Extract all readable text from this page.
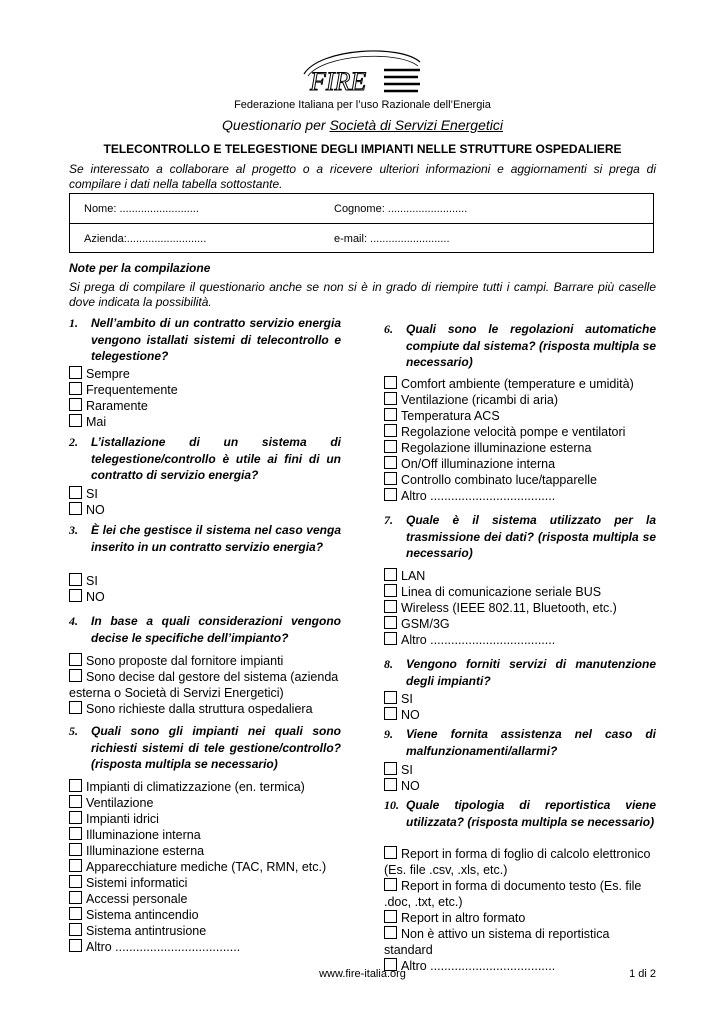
FIRE
Federazione Italiana per l’uso Razionale dell’Energia
Questionario per Società di Servizi Energetici
TELECONTROLLO E TELEGESTIONE DEGLI IMPIANTI NELLE STRUTTURE OSPEDALIERE
Se interessato a collaborare al progetto o a ricevere ulteriori informazioni e aggiornamenti si prega di compilare i dati nella tabella sottostante.
Nome: ..........................	Cognome: ..........................
Azienda:..........................	e-mail: ..........................
Note per la compilazione
Si prega di compilare il questionario anche se non si è in grado di riempire tutti i campi. Barrare più caselle dove indicata la possibilità.
1. Nell’ambito di un contratto servizio energia vengono istallati sistemi di telecontrollo e telegestione?
Sempre
Frequentemente
Raramente
Mai
2. L’istallazione di un sistema di telegestione/controllo è utile ai fini di un contratto di servizio energia?
SI
NO
3. È lei che gestisce il sistema nel caso venga inserito in un contratto servizio energia?
SI
NO
4. In base a quali considerazioni vengono decise le specifiche dell’impianto?
Sono proposte dal fornitore impianti
Sono decise dal gestore del sistema (azienda esterna o Società di Servizi Energetici)
Sono richieste dalla struttura ospedaliera
5. Quali sono gli impianti nei quali sono richiesti sistemi di tele gestione/controllo? (risposta multipla se necessario)
Impianti di climatizzazione (en. termica)
Ventilazione
Impianti idrici
Illuminazione interna
Illuminazione esterna
Apparecchiature mediche (TAC, RMN, etc.)
Sistemi informatici
Accessi personale
Sistema antincendio
Sistema antintrusione
Altro ....................................
6. Quali sono le regolazioni automatiche compiute dal sistema? (risposta multipla se necessario)
Comfort ambiente (temperature e umidità)
Ventilazione (ricambi di aria)
Temperatura ACS
Regolazione velocità pompe e ventilatori
Regolazione illuminazione esterna
On/Off illuminazione interna
Controllo combinato luce/tapparelle
Altro ....................................
7. Quale è il sistema utilizzato per la trasmissione dei dati? (risposta multipla se necessario)
LAN
Linea di comunicazione seriale BUS
Wireless (IEEE 802.11, Bluetooth, etc.)
GSM/3G
Altro ....................................
8. Vengono forniti servizi di manutenzione degli impianti?
SI
NO
9. Viene fornita assistenza nel caso di malfunzionamenti/allarmi?
SI
NO
10. Quale tipologia di reportistica viene utilizzata? (risposta multipla se necessario)
Report in forma di foglio di calcolo elettronico (Es. file .csv, .xls, etc.)
Report in forma di documento testo (Es. file .doc, .txt, etc.)
Report in altro formato
Non è attivo un sistema di reportistica standard
Altro ....................................
www.fire-italia.org	1 di 2
